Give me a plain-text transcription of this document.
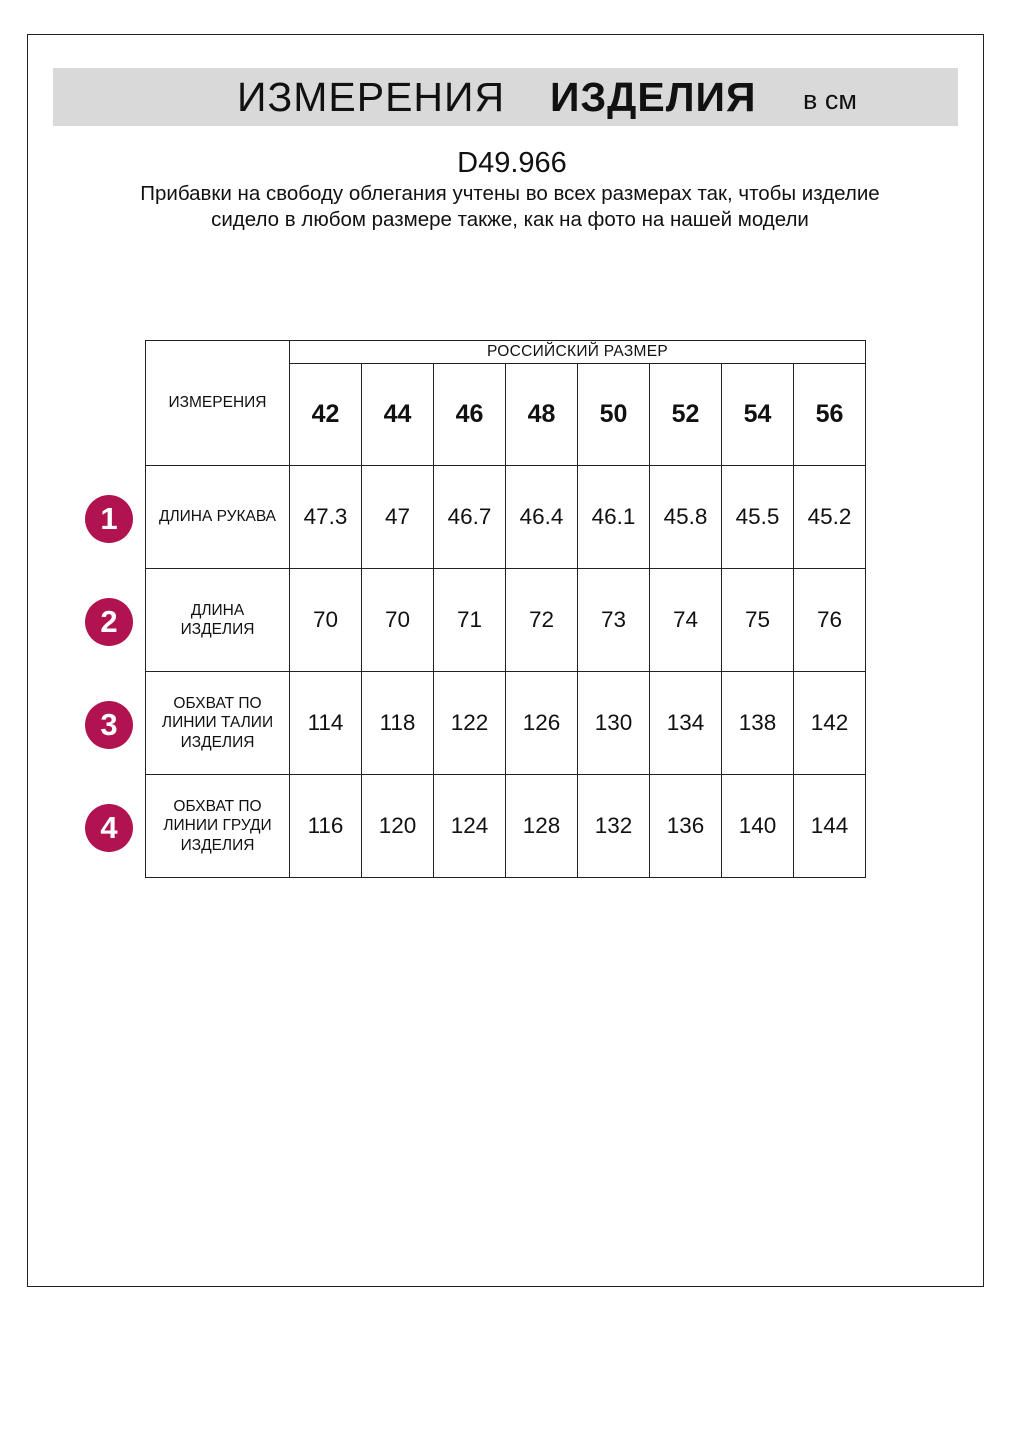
ИЗМЕРЕНИЯ ИЗДЕЛИЯ в см
D49.966
Прибавки на свободу облегания учтены во всех размерах так, чтобы изделие сидело в любом размере также, как на фото на нашей модели
ИЗМЕРЕНИЯ	РОССИЙСКИЙ РАЗМЕР							
	42	44	46	48	50	52	54	56
ДЛИНА РУКАВА	47.3	47	46.7	46.4	46.1	45.8	45.5	45.2
ДЛИНА
ИЗДЕЛИЯ	70	70	71	72	73	74	75	76
ОБХВАТ ПО
ЛИНИИ ТАЛИИ
ИЗДЕЛИЯ	114	118	122	126	130	134	138	142
ОБХВАТ ПО
ЛИНИИ ГРУДИ
ИЗДЕЛИЯ	116	120	124	128	132	136	140	144
1
2
3
4
